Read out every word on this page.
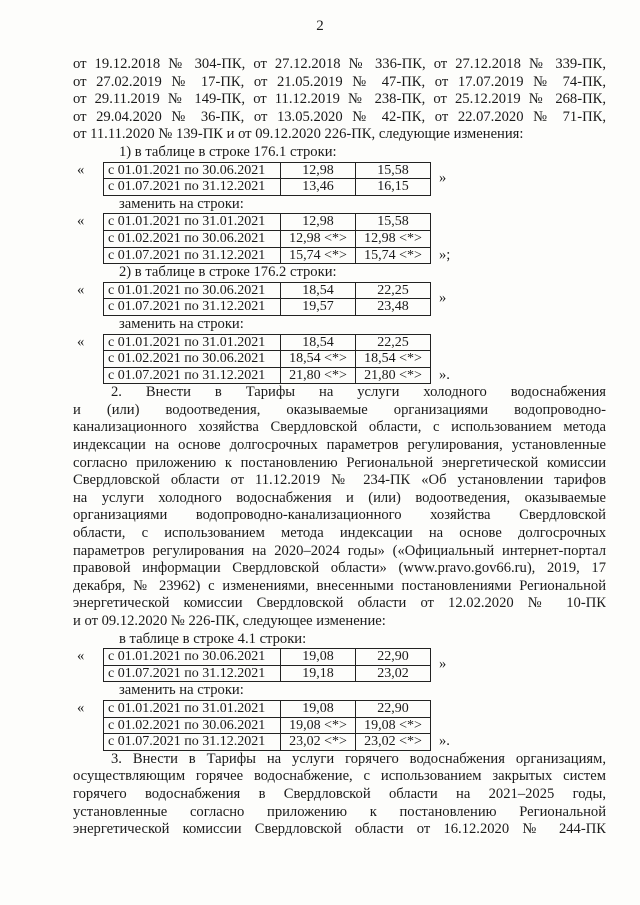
2
от 19.12.2018 № 304-ПК, от 27.12.2018 № 336-ПК, от 27.12.2018 № 339-ПК,
от 27.02.2019 № 17-ПК, от 21.05.2019 № 47-ПК, от 17.07.2019 № 74-ПК,
от 29.11.2019 № 149-ПК, от 11.12.2019 № 238-ПК, от 25.12.2019 № 268-ПК,
от 29.04.2020 № 36-ПК, от 13.05.2020 № 42-ПК, от 22.07.2020 № 71-ПК,
от 11.11.2020 № 139-ПК и от 09.12.2020 226-ПК, следующие изменения:
1) в таблице в строке 176.1 строки:
«	с 01.01.2021 по 30.06.2021	12,98	15,58
с 01.07.2021 по 31.12.2021	13,46	16,15
»
заменить на строки:
«	с 01.01.2021 по 31.01.2021	12,98	15,58
с 01.02.2021 по 30.06.2021	12,98 <*>	12,98 <*>
с 01.07.2021 по 31.12.2021	15,74 <*>	15,74 <*>	»;
2) в таблице в строке 176.2 строки:
«	с 01.01.2021 по 30.06.2021	18,54	22,25
с 01.07.2021 по 31.12.2021	19,57	23,48
»
заменить на строки:
«	с 01.01.2021 по 31.01.2021	18,54	22,25
с 01.02.2021 по 30.06.2021	18,54 <*>	18,54 <*>
с 01.07.2021 по 31.12.2021	21,80 <*>	21,80 <*>	».
2. Внести в Тарифы на услуги холодного водоснабжения
и (или) водоотведения, оказываемые организациями водопроводно-
канализационного хозяйства Свердловской области, с использованием метода
индексации на основе долгосрочных параметров регулирования, установленные
согласно приложению к постановлению Региональной энергетической комиссии
Свердловской области от 11.12.2019 № 234-ПК «Об установлении тарифов
на услуги холодного водоснабжения и (или) водоотведения, оказываемые
организациями водопроводно-канализационного хозяйства Свердловской
области, с использованием метода индексации на основе долгосрочных
параметров регулирования на 2020–2024 годы» («Официальный интернет-портал
правовой информации Свердловской области» (www.pravo.gov66.ru), 2019, 17
декабря, № 23962) с изменениями, внесенными постановлениями Региональной
энергетической комиссии Свердловской области от 12.02.2020 № 10-ПК
и от 09.12.2020 № 226-ПК, следующее изменение:
в таблице в строке 4.1 строки:
«	с 01.01.2021 по 30.06.2021	19,08	22,90
с 01.07.2021 по 31.12.2021	19,18	23,02
»
заменить на строки:
«	с 01.01.2021 по 31.01.2021	19,08	22,90
с 01.02.2021 по 30.06.2021	19,08 <*>	19,08 <*>
с 01.07.2021 по 31.12.2021	23,02 <*>	23,02 <*>	».
3. Внести в Тарифы на услуги горячего водоснабжения организациям,
осуществляющим горячее водоснабжение, с использованием закрытых систем
горячего водоснабжения в Свердловской области на 2021–2025 годы,
установленные согласно приложению к постановлению Региональной
энергетической комиссии Свердловской области от 16.12.2020 № 244-ПК
